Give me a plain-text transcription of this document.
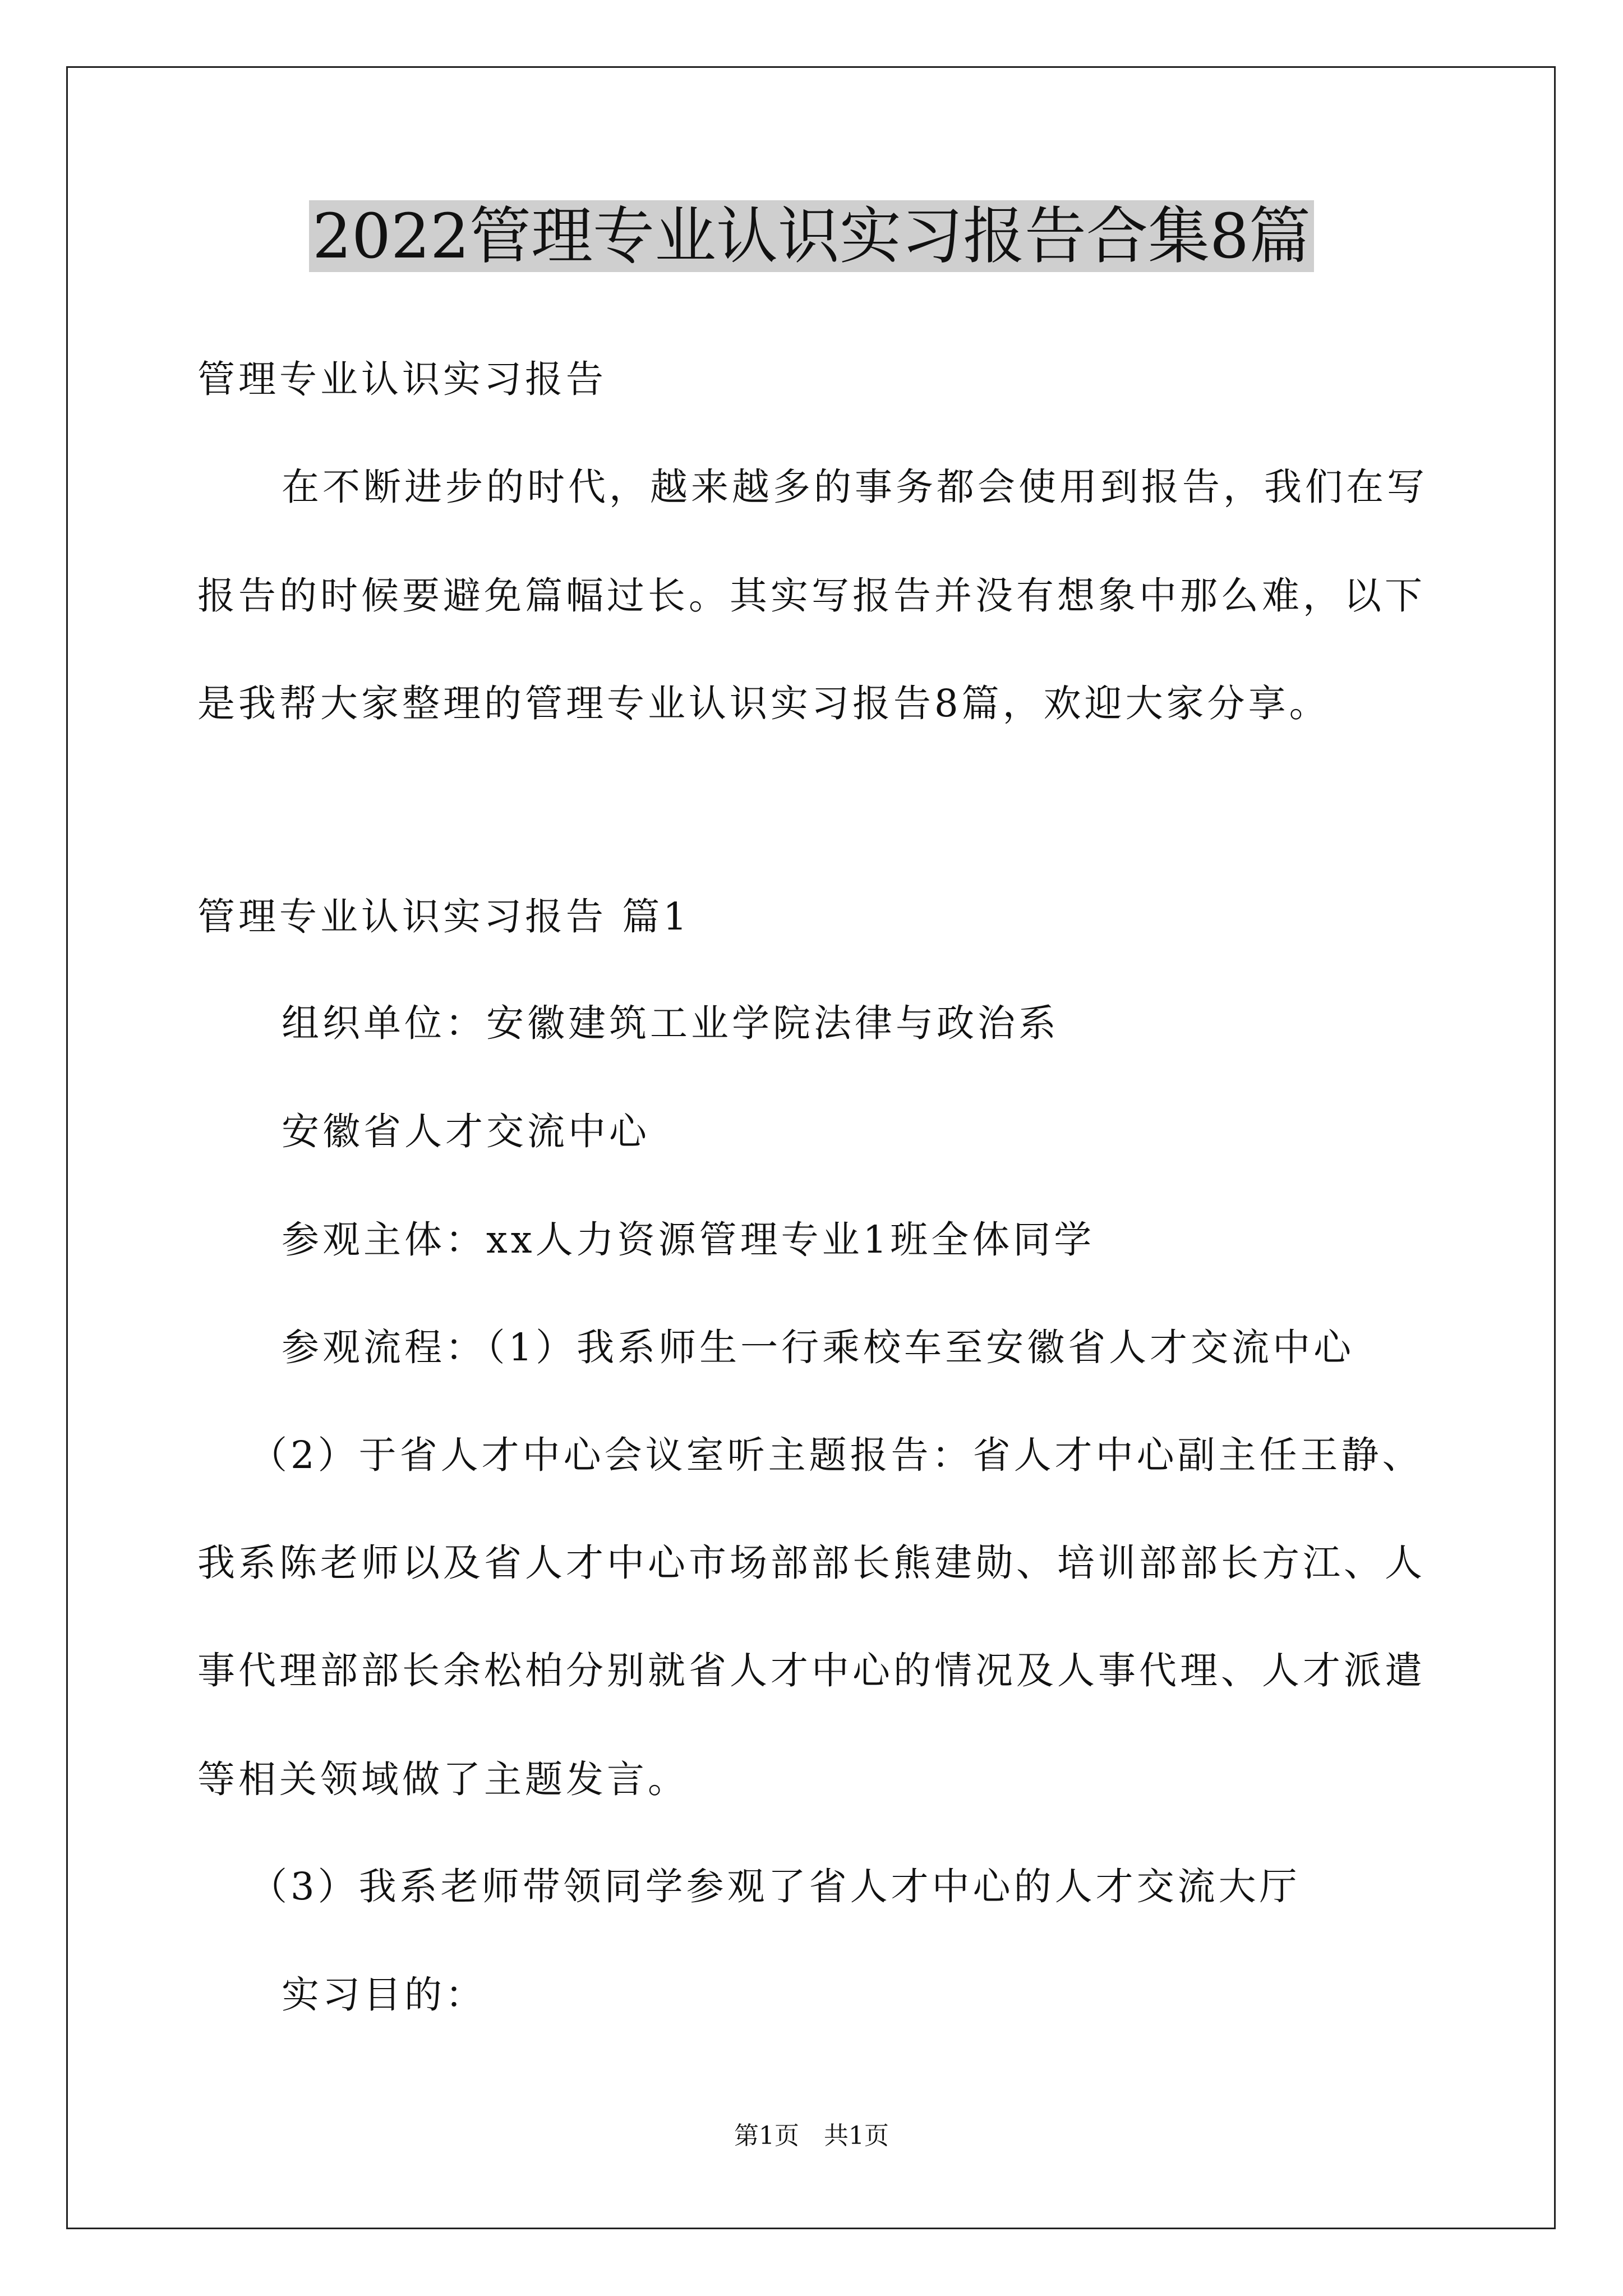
2022管理专业认识实习报告合集8篇
管理专业认识实习报告
在不断进步的时代，越来越多的事务都会使用到报告，我们在写
报告的时候要避免篇幅过长。其实写报告并没有想象中那么难，以下
是我帮大家整理的管理专业认识实习报告8篇，欢迎大家分享。
管理专业认识实习报告 篇1
组织单位：安徽建筑工业学院法律与政治系
安徽省人才交流中心
参观主体：xx人力资源管理专业1班全体同学
参观流程：（1）我系师生一行乘校车至安徽省人才交流中心
（2）于省人才中心会议室听主题报告：省人才中心副主任王静、
我系陈老师以及省人才中心市场部部长熊建勋、培训部部长方江、人
事代理部部长余松柏分别就省人才中心的情况及人事代理、人才派遣
等相关领域做了主题发言。
（3）我系老师带领同学参观了省人才中心的人才交流大厅
实习目的：
第1页　共1页
